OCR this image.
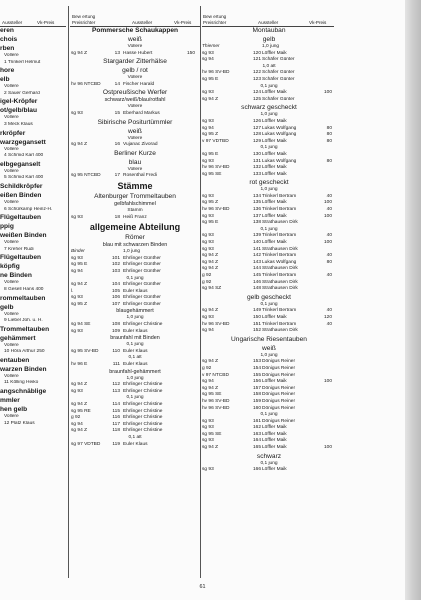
Aussteller	Vk-Preis
Bew ertung
Preisrichter	Aussteller	Vk-Preis
Bew ertung
Preisrichter	Aussteller	Vk-Preis
eren
chois
rben
Vollere
1 Trinkerl Helmut
hore
elb
Vollere
2 Sauer Gerhard
igel-Kröpfer
ot/gelb/blau
Vollere
3 Meck Klaus
rkröpfer
warzgegansett
Vollere
4 Schmid Karl 400
elbgeganselt
Vollere
5 Schmid Karl 400
Schildkröpfer
eißen Binden
Vollere
6 Schürkamp Heinz-H.
Flügeltauben
ppig
weißen Binden
Vollere
7 Kreher Rudi
Flügeltauben
köpfig
ne Binden
Vollere
8 Gesell Hans 400
rommeltauben
gelb
Vollere
9 Liebel Joh. u. H.
Trommeltauben
gehämmert
Vollere
10 Höra Arthur 250
entauben
warzen Binden
Vollere
11 Kölling Heiko
angschnäblige
mmler
hen gelb
Vollere
12 Platz Klaus
Pommersche Schaukappen
weiß
Vollere
sg 94 Z	13 Hasse Hubert	150
Stargarder Zitterhälse
gelb / rot
Vollere
hv 96 NTCBD	14 Fischer Harald
Ostpreußische Werfer
schwarz/weiß/blau/rotfahl
Vollere
sg 93	15 Eberhard Markus
Sibirische Positurtümmler
weiß
Vollere
sg 94 Z	16 Vujanac Zivorad
Berliner Kurze
blau
Vollere
sg 95 NTCBD	17 Rosenthal Fredi
Stämme
Altenburger Trommeltauben
gelbfahlschimmel
Stamm
sg 93	18 Heiß Franz
allgemeine Abteilung
Römer
blau mit schwarzen Binden
Binder	1,0 jung
sg 93	101 Ehrlinger Günther
sg 95 E	102 Ehrlinger Günther
sg 94	103 Ehrlinger Günther
0,1 jung
sg 94 Z	104 Ehrlinger Günther
l.	105 Euler Klaus
sg 93	106 Ehrlinger Günther
sg 95 Z	107 Ehrlinger Günther
blaugehämmert
1,0 jung
sg 94 SE	108 Ehrlinger Christine
sg 93	109 Euler Klaus
braunfahl mit Binden
0,1 jung
sg 95 SV-BD	110 Euler Klaus
0,1 alt
hv 96 E	111 Euler Klaus
braunfahl-gehämmert
1,0 jung
sg 94 Z	112 Ehrlinger Christine
sg 93	113 Ehrlinger Christine
0,1 jung
sg 94 Z	114 Ehrlinger Christine
sg 95 RE	115 Ehrlinger Christine
g 92	116 Ehrlinger Christine
sg 94	117 Ehrlinger Christine
sg 94 Z	118 Ehrlinger Christine
0,1 alt
sg 97 VDTBD	119 Euler Klaus
Montauban
gelb
Thiemer	1,0 jung
sg 93	120 Löffler Maik
sg 94	121 Schäfer Günter
1,0 alt
hv 96 SV-BD	122 Schäfer Günter
sg 95 E	123 Schäfer Günter
0,1 jung
sg 93	124 Löffler Maik	100
sg 94 Z	125 Schäfer Günter
schwarz gescheckt
1,0 jung
sg 93	126 Löffler Maik
sg 94	127 Lukas Wolfgang	80
sg 95 Z	128 Lukas Wolfgang	80
v 97 VDTBD	129 Löffler Maik	80
0,1 jung
sg 95 E	130 Löffler Maik
sg 93	131 Lukas Wolfgang	80
hv 96 SV-BD	132 Löffler Maik
sg 95 SE	133 Löffler Maik
rot gescheckt
1,0 jung
sg 93	134 Trinkerl Bertram	40
sg 95 Z	135 Löffler Maik	100
hv 96 SV-BD	136 Trinkerl Bertram	40
sg 93	137 Löffler Maik	100
sg 95 E	138 Strathausen Dirk
0,1 jung
sg 93	139 Trinkerl Bertram	40
sg 93	140 Löffler Maik	100
sg 93	141 Strathausen Dirk
sg 94 Z	142 Trinkerl Bertram	40
sg 94 Z	143 Lukas Wolfgang	80
sg 94 Z	144 Strathausen Dirk
g 92	145 Trinkerl Bertram	40
g 92	146 Strathausen Dirk
sg 94 SZ	148 Strathausen Dirk
gelb gescheckt
0,1 jung
sg 94 Z	149 Trinkerl Bertram	40
sg 93	150 Löffler Maik	120
hv 96 SV-BD	151 Trinkerl Bertram	40
sg 94	152 Strathausen Dirk
Ungarische Riesentauben
weiß
1,0 jung
sg 94 Z	153 Dönigus Reiner
g 92	154 Dönigus Reiner
v 97 NTCBD	155 Dönigus Reiner
sg 94	156 Löffler Maik	100
sg 94 Z	157 Dönigus Reiner
sg 95 SE	158 Dönigus Reiner
hv 96 SV-BD	159 Dönigus Reiner
hv 96 SV-BD	160 Dönigus Reiner
0,1 jung
sg 93	161 Dönigus Reiner
sg 93	162 Löffler Maik
sg 95 SE	163 Löffler Maik
sg 93	164 Löffler Maik
sg 94 Z	165 Löffler Maik	100
schwarz
0,1 jung
sg 93	166 Löffler Maik
61
